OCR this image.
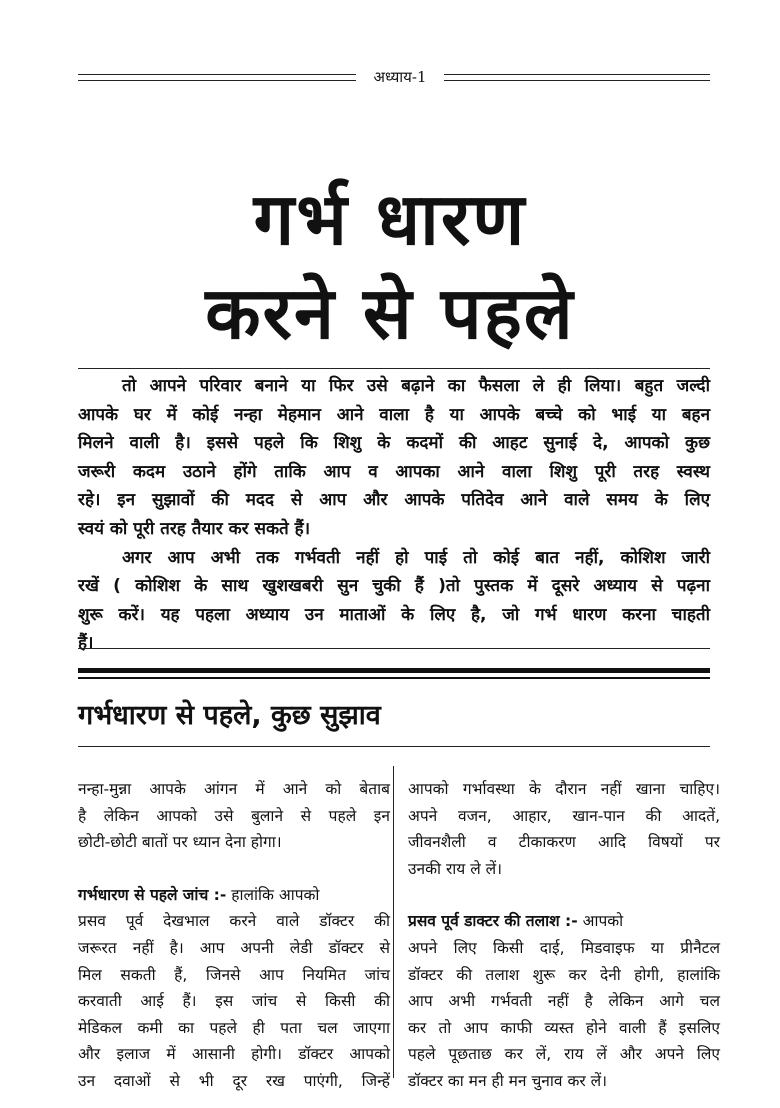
अध्याय-1
गर्भ धारण
करने से पहले
तो आपने परिवार बनाने या फिर उसे बढ़ाने का फैसला ले ही लिया। बहुत जल्दी
आपके घर में कोई नन्हा मेहमान आने वाला है या आपके बच्चे को भाई या बहन
मिलने वाली है। इससे पहले कि शिशु के कदमों की आहट सुनाई दे, आपको कुछ
जरूरी कदम उठाने होंगे ताकि आप व आपका आने वाला शिशु पूरी तरह स्वस्थ
रहे। इन सुझावों की मदद से आप और आपके पतिदेव आने वाले समय के लिए
स्वयं को पूरी तरह तैयार कर सकते हैं।
अगर आप अभी तक गर्भवती नहीं हो पाई तो कोई बात नहीं, कोशिश जारी
रखें ( कोशिश के साथ खुशखबरी सुन चुकी हैं )तो पुस्तक में दूसरे अध्याय से पढ़ना
शुरू करें। यह पहला अध्याय उन माताओं के लिए है, जो गर्भ धारण करना चाहती
हैं।
गर्भधारण से पहले, कुछ सुझाव
नन्हा-मुन्ना आपके आंगन में आने को बेताब
है लेकिन आपको उसे बुलाने से पहले इन
छोटी-छोटी बातों पर ध्यान देना होगा।
गर्भधारण से पहले जांच :- हालांकि आपको
प्रसव पूर्व देखभाल करने वाले डॉक्टर की
जरूरत नहीं है। आप अपनी लेडी डॉक्टर से
मिल सकती हैं, जिनसे आप नियमित जांच
करवाती आई हैं। इस जांच से किसी की
मेडिकल कमी का पहले ही पता चल जाएगा
और इलाज में आसानी होगी। डॉक्टर आपको
उन दवाओं से भी दूर रख पाएंगी, जिन्हें
आपको गर्भावस्था के दौरान नहीं खाना चाहिए।
अपने वजन, आहार, खान-पान की आदतें,
जीवनशैली व टीकाकरण आदि विषयों पर
उनकी राय ले लें।
प्रसव पूर्व डाक्टर की तलाश :- आपको
अपने लिए किसी दाई, मिडवाइफ या प्रीनैटल
डॉक्टर की तलाश शुरू कर देनी होगी, हालांकि
आप अभी गर्भवती नहीं है लेकिन आगे चल
कर तो आप काफी व्यस्त होने वाली हैं इसलिए
पहले पूछताछ कर लें, राय लें और अपने लिए
डॉक्टर का मन ही मन चुनाव कर लें।
